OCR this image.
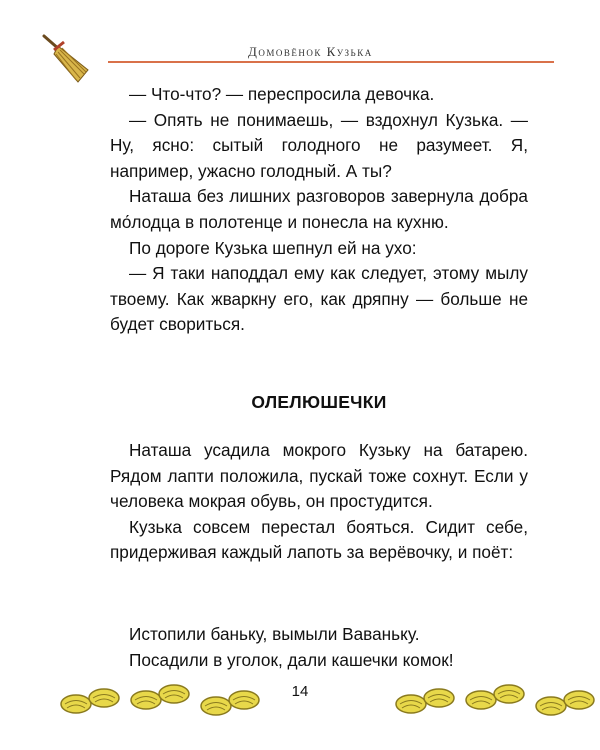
Домовёнок Кузька

— Что-что? — переспросила девочка.

— Опять не понимаешь, — вздохнул Кузька. — Ну, ясно: сытый голодного не разумеет. Я, например, ужасно голодный. А ты?

Наташа без лишних разговоров завернула добра мо́лодца в полотенце и понесла на кухню.

По дороге Кузька шепнул ей на ухо:

— Я таки наподдал ему как следует, этому мылу твоему. Как жваркну его, как дряпну — больше не будет свориться.

ОЛЕЛЮШЕЧКИ

Наташа усадила мокрого Кузьку на батарею. Рядом лапти положила, пускай тоже сохнут. Если у человека мокрая обувь, он простудится.

Кузька совсем перестал бояться. Сидит себе, придерживая каждый лапоть за верёвочку, и поёт:

Истопили баньку, вымыли Ваваньку.
Посадили в уголок, дали кашечки комок!
14
